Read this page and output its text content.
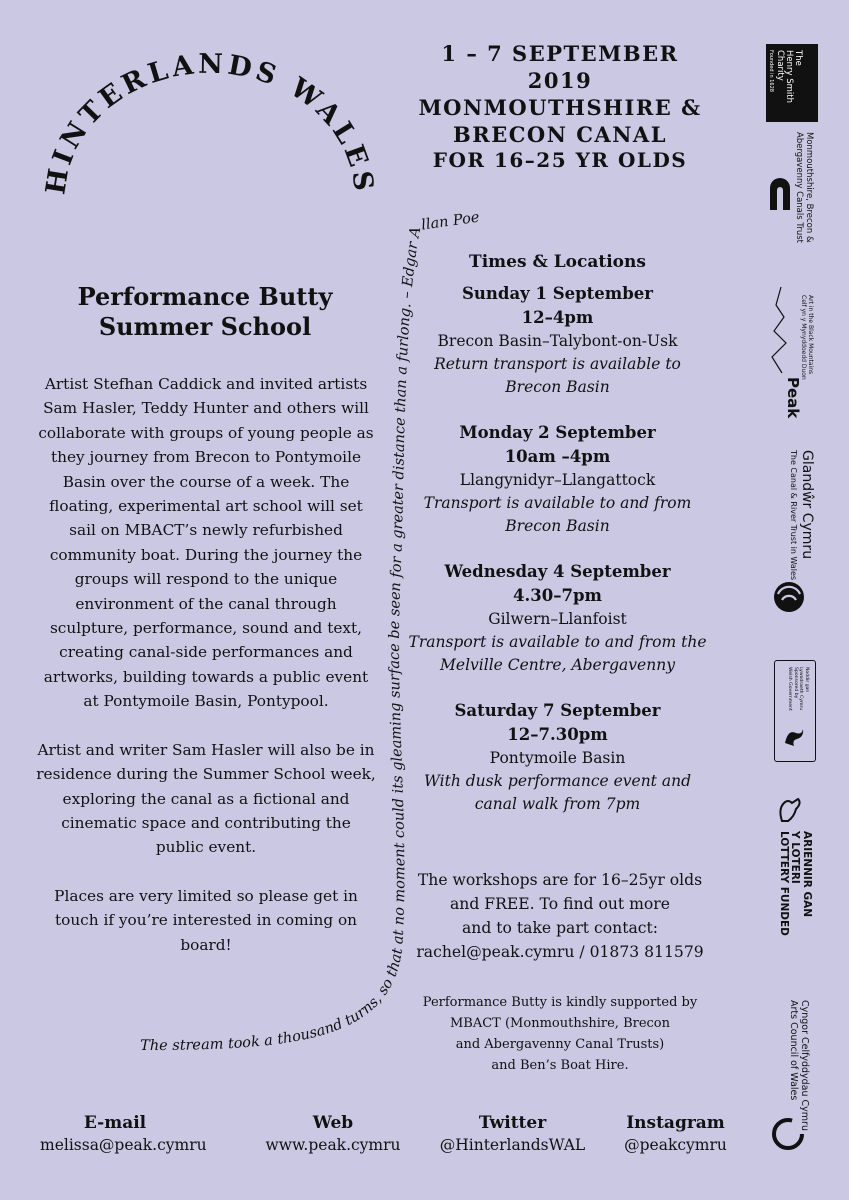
HINTERLANDS WALES
1 – 7 SEPTEMBER 2019
MONMOUTHSHIRE &
BRECON CANAL
FOR 16–25 YR OLDS
The stream took a thousand turns, so that at no moment could its gleaming surface be seen for a greater distance than a furlong. – Edgar Allan Poe
Performance Butty
Summer School

Artist Stefhan Caddick and invited artists Sam Hasler, Teddy Hunter and others will collaborate with groups of young people as they journey from Brecon to Pontymoile Basin over the course of a week. The floating, experimental art school will set sail on MBACT’s newly refurbished community boat. During the journey the groups will respond to the unique environment of the canal through sculpture, performance, sound and text, creating canal-side performances and artworks, building towards a public event at Pontymoile Basin, Pontypool.

Artist and writer Sam Hasler will also be in residence during the Summer School week, exploring the canal as a fictional and cinematic space and contributing the public event.

Places are very limited so please get in touch if you’re interested in coming on board!

Times & Locations
Sunday 1 September
12–4pm
Brecon Basin–Talybont-on-Usk
Return transport is available to Brecon Basin
Monday 2 September
10am –4pm
Llangynidyr–Llangattock
Transport is available to and from Brecon Basin
Wednesday 4 September
4.30–7pm
Gilwern–Llanfoist
Transport is available to and from the Melville Centre, Abergavenny
Saturday 7 September
12–7.30pm
Pontymoile Basin
With dusk performance event and canal walk from 7pm
The workshops are for 16–25yr olds
and FREE. To find out more
and to take part contact:
rachel@peak.cymru / 01873 811579
Performance Butty is kindly supported by
MBACT (Monmouthshire, Brecon
and Abergavenny Canal Trusts)
and Ben’s Boat Hire.
E-mail
melissa@peak.cymru
Web
www.peak.cymru
Twitter
@HinterlandsWAL
Instagram
@peakcymru
The
Henry Smith
Charity
Founded in 1628
Monmouthshire, Brecon &
Abergavenny Canals Trust
Art in the Black Mountains
Celf yn y Mynyddoedd Duon
Peak
Glandŵr Cymru
The Canal & River Trust in Wales
Noddir gan
Lywodraeth Cymru
Sponsored by
Welsh Government
ARIENNIR GAN
Y LOTERI
LOTTERY FUNDED
Cyngor Celfyddydau Cymru
Arts Council of Wales
